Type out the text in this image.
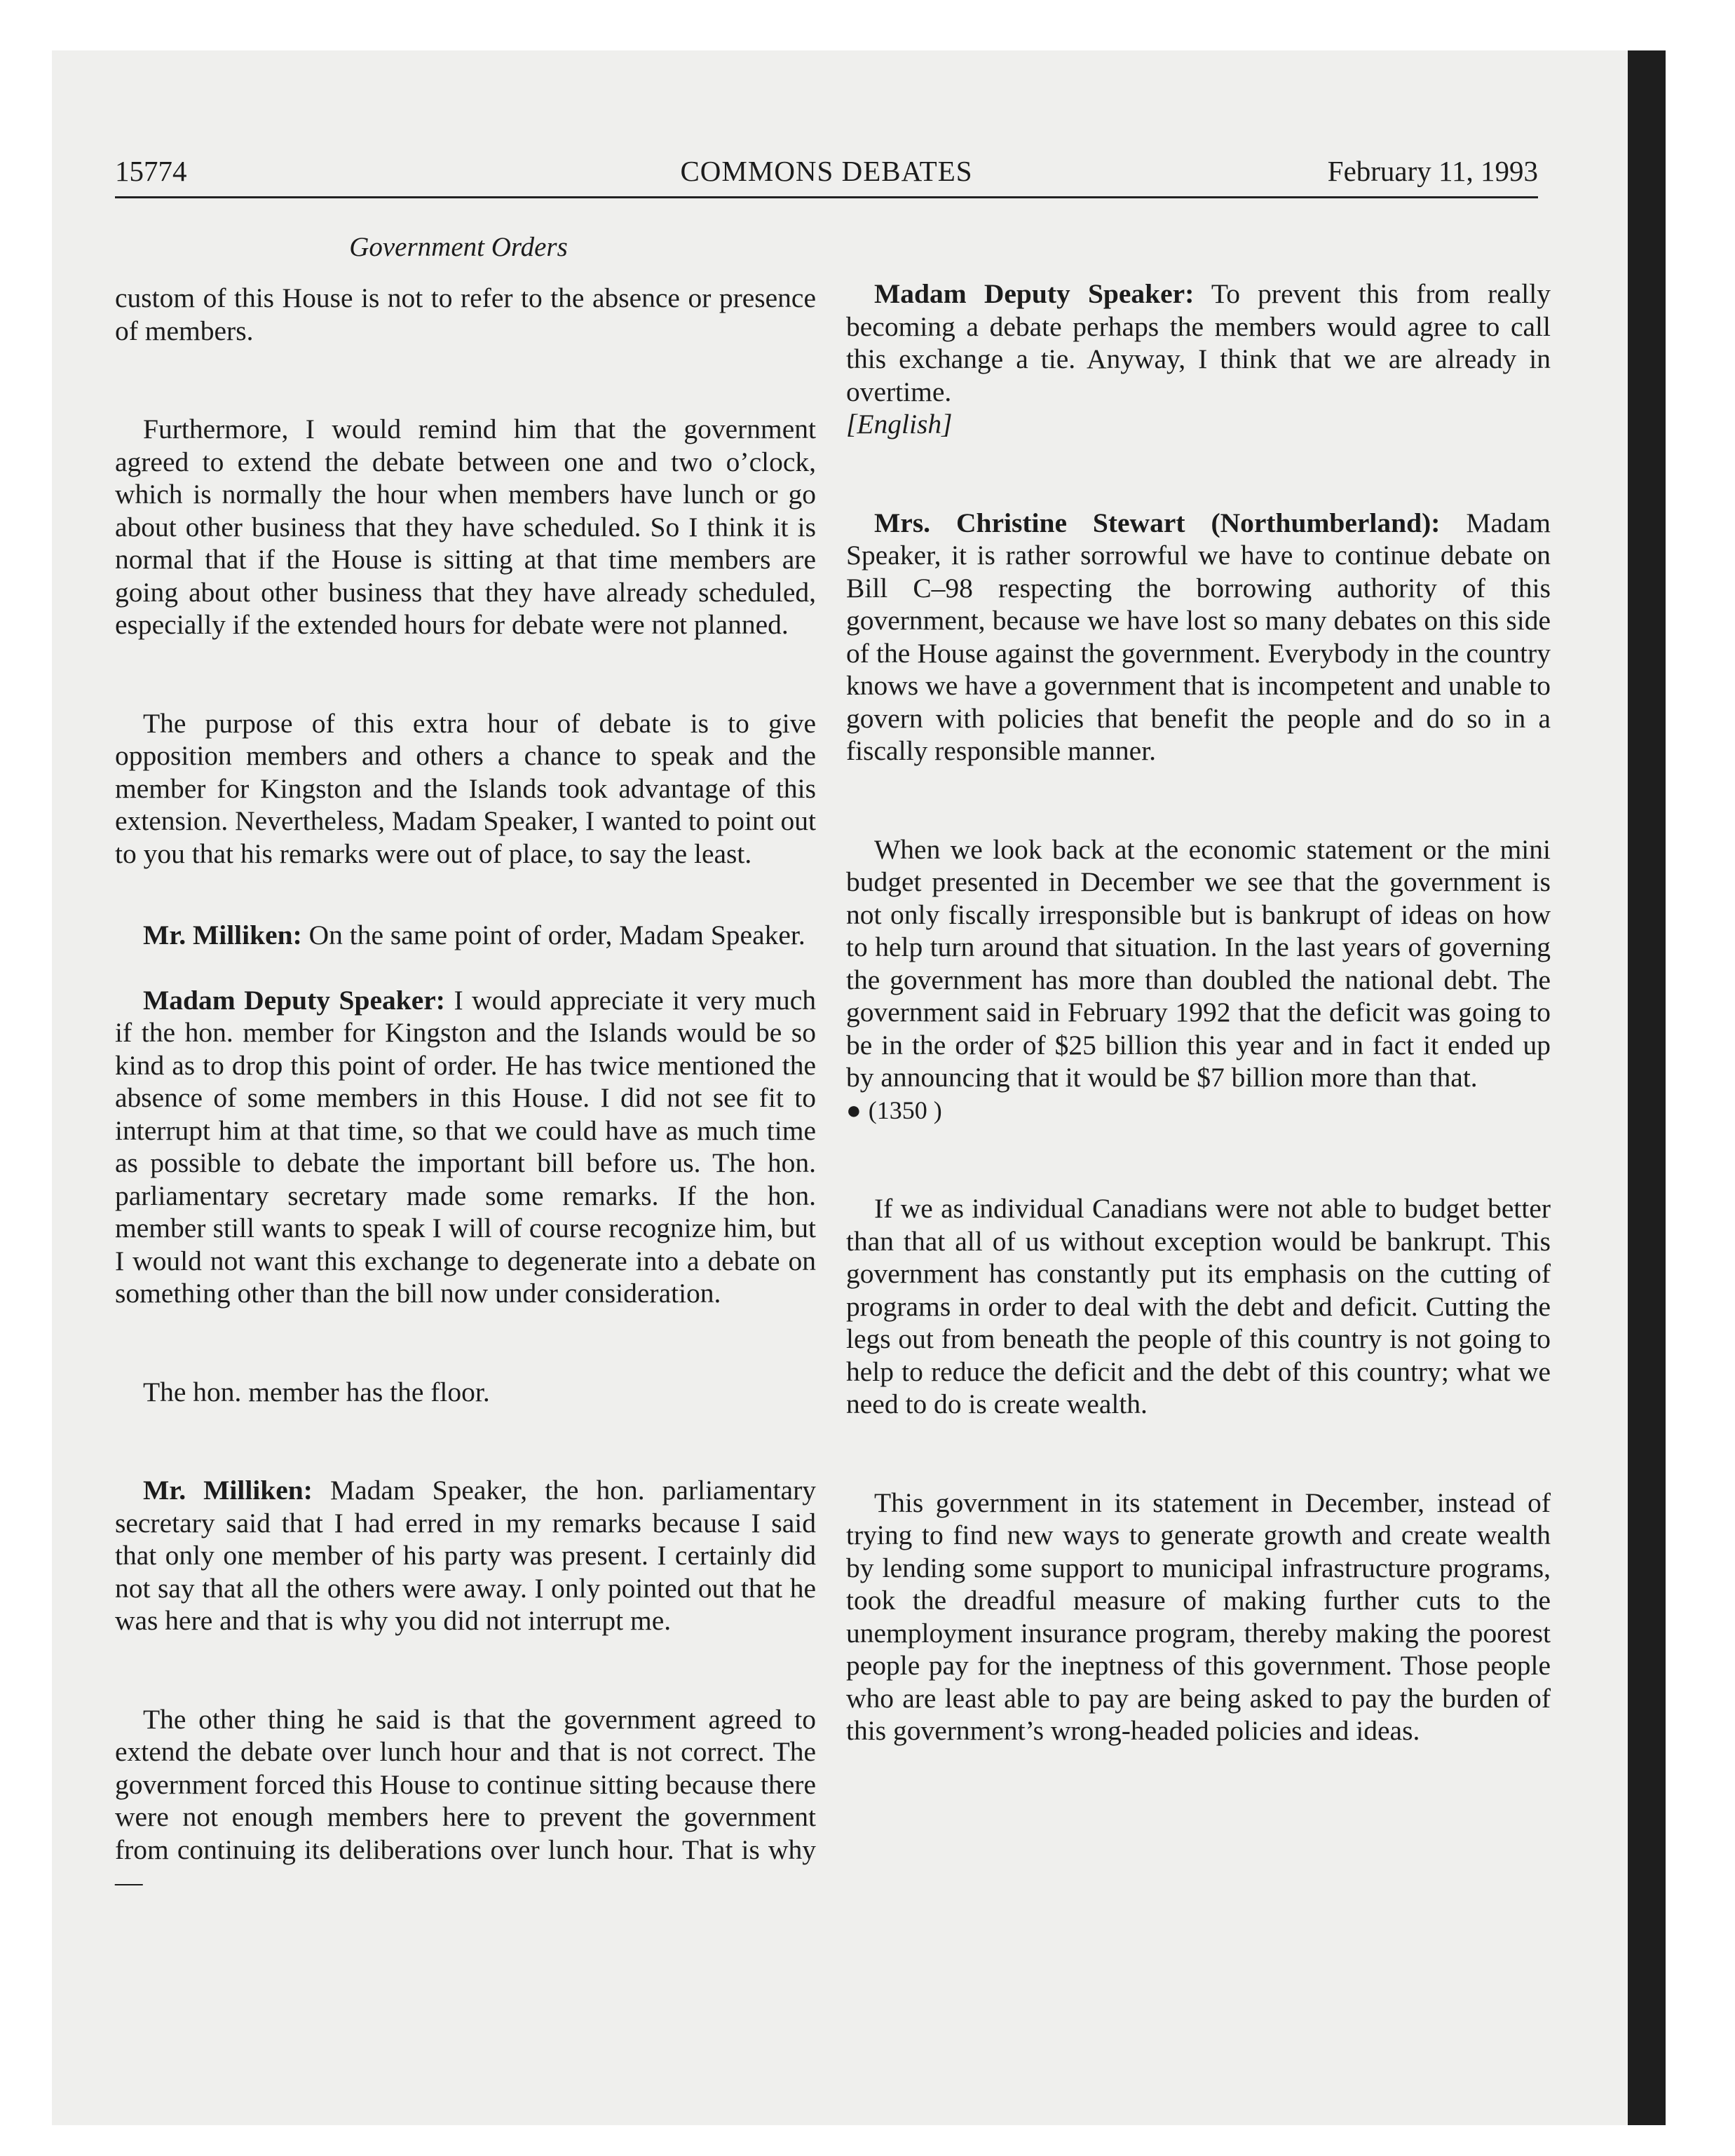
15774	COMMONS DEBATES	February 11, 1993
Government Orders

custom of this House is not to refer to the absence or presence of members.

Furthermore, I would remind him that the government agreed to extend the debate between one and two o’clock, which is normally the hour when members have lunch or go about other business that they have scheduled. So I think it is normal that if the House is sitting at that time members are going about other business that they have already scheduled, especially if the extended hours for debate were not planned.

The purpose of this extra hour of debate is to give opposition members and others a chance to speak and the member for Kingston and the Islands took advantage of this extension. Nevertheless, Madam Speaker, I wanted to point out to you that his remarks were out of place, to say the least.

Mr. Milliken: On the same point of order, Madam Speaker.

Madam Deputy Speaker: I would appreciate it very much if the hon. member for Kingston and the Islands would be so kind as to drop this point of order. He has twice mentioned the absence of some members in this House. I did not see fit to interrupt him at that time, so that we could have as much time as possible to debate the important bill before us. The hon. parliamentary secretary made some remarks. If the hon. member still wants to speak I will of course recognize him, but I would not want this exchange to degenerate into a debate on something other than the bill now under consideration.

The hon. member has the floor.

Mr. Milliken: Madam Speaker, the hon. parliamentary secretary said that I had erred in my remarks because I said that only one member of his party was present. I certainly did not say that all the others were away. I only pointed out that he was here and that is why you did not interrupt me.

The other thing he said is that the government agreed to extend the debate over lunch hour and that is not correct. The government forced this House to continue sitting because there were not enough members here to prevent the government from continuing its deliberations over lunch hour. That is why—

Madam Deputy Speaker: To prevent this from really becoming a debate perhaps the members would agree to call this exchange a tie. Anyway, I think that we are already in overtime.

[English]

Mrs. Christine Stewart (Northumberland): Madam Speaker, it is rather sorrowful we have to continue debate on Bill C–98 respecting the borrowing authority of this government, because we have lost so many debates on this side of the House against the government. Everybody in the country knows we have a government that is incompetent and unable to govern with policies that benefit the people and do so in a fiscally responsible manner.

When we look back at the economic statement or the mini budget presented in December we see that the government is not only fiscally irresponsible but is bankrupt of ideas on how to help turn around that situation. In the last years of governing the government has more than doubled the national debt. The government said in February 1992 that the deficit was going to be in the order of $25 billion this year and in fact it ended up by announcing that it would be $7 billion more than that.

● (1350 )

If we as individual Canadians were not able to budget better than that all of us without exception would be bankrupt. This government has constantly put its emphasis on the cutting of programs in order to deal with the debt and deficit. Cutting the legs out from beneath the people of this country is not going to help to reduce the deficit and the debt of this country; what we need to do is create wealth.

This government in its statement in December, instead of trying to find new ways to generate growth and create wealth by lending some support to municipal infrastructure programs, took the dreadful measure of making further cuts to the unemployment insurance program, thereby making the poorest people pay for the ineptness of this government. Those people who are least able to pay are being asked to pay the burden of this government’s wrong-headed policies and ideas.
